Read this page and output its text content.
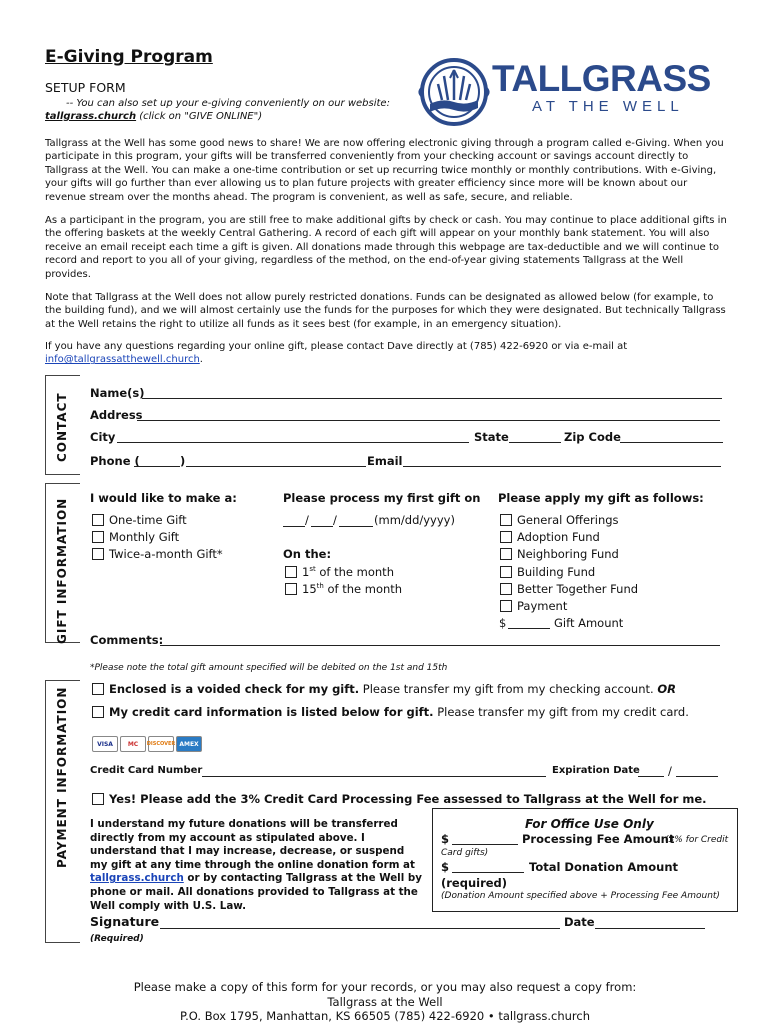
E-Giving Program
SETUP FORM
-- You can also set up your e-giving conveniently on our website:
tallgrass.church (click on "GIVE ONLINE")
TALLGRASS
AT THE WELL
Tallgrass at the Well has some good news to share! We are now offering electronic giving through a program called e-Giving. When you participate in this program, your gifts will be transferred conveniently from your checking account or savings account directly to Tallgrass at the Well. You can make a one-time contribution or set up recurring twice monthly or monthly contributions. With e-Giving, your gifts will go further than ever allowing us to plan future projects with greater efficiency since more will be known about our revenue stream over the months ahead. The program is convenient, as well as safe, secure, and reliable.
As a participant in the program, you are still free to make additional gifts by check or cash. You may continue to place additional gifts in the offering baskets at the weekly Central Gathering. A record of each gift will appear on your monthly bank statement. You will also receive an email receipt each time a gift is given. All donations made through this webpage are tax-deductible and we will continue to record and report to you all of your giving, regardless of the method, on the end-of-year giving statements Tallgrass at the Well provides.
Note that Tallgrass at the Well does not allow purely restricted donations. Funds can be designated as allowed below (for example, to the building fund), and we will almost certainly use the funds for the purposes for which they were designated. But technically Tallgrass at the Well retains the right to utilize all funds as it sees best (for example, in an emergency situation).
If you have any questions regarding your online gift, please contact Dave directly at (785) 422-6920 or via e-mail at info@tallgrassatthewell.church.
CONTACT Name(s)
Address
City	State	Zip Code
Phone (	)	Email
GIFT INFORMATION I would like to make a:
One-time Gift
Monthly Gift
Twice-a-month Gift*
Please process my first gift on
/ /	(mm/dd/yyyy)
On the:
1st of the month
15th of the month
Please apply my gift as follows:
General Offerings
Adoption Fund
Neighboring Fund
Building Fund
Better Together Fund
Payment
$	Gift Amount
Comments:
*Please note the total gift amount specified will be debited on the 1st and 15th
PAYMENT INFORMATION	Enclosed is a voided check for my gift. Please transfer my gift from my checking account. OR
My credit card information is listed below for gift. Please transfer my gift from my credit card.
VISA	MC	DISCOVER AMEX
Credit Card Number	Expiration Date /
Yes! Please add the 3% Credit Card Processing Fee assessed to Tallgrass at the Well for me.
I understand my future donations will be transferred directly from my account as stipulated above. I understand that I may increase, decrease, or suspend my gift at any time through the online donation form at tallgrass.church or by contacting Tallgrass at the Well by phone or mail. All donations provided to Tallgrass at the Well comply with U.S. Law.
For Office Use Only
$	Processing Fee Amount
(3% for Credit Card gifts)
$	Total Donation Amount
(required)
(Donation Amount specified above + Processing Fee Amount)
Signature	Date
(Required)
Please make a copy of this form for your records, or you may also request a copy from:
Tallgrass at the Well
P.O. Box 1795, Manhattan, KS 66505 (785) 422-6920 • tallgrass.church
